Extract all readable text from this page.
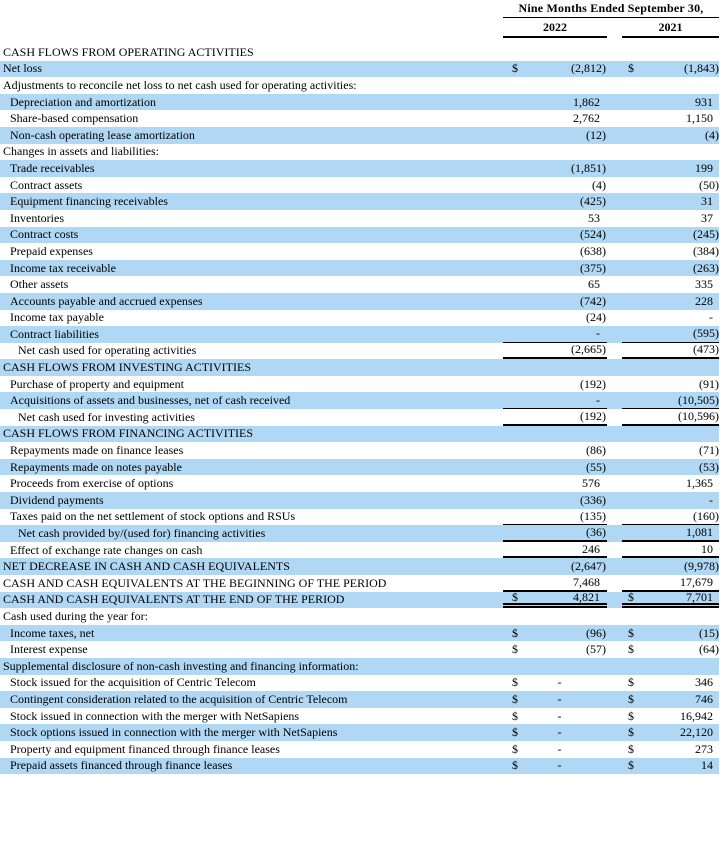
Nine Months Ended September 30,
2022	2021
CASH FLOWS FROM OPERATING ACTIVITIES
Net loss	$	(2,812)	$	(1,843)
Adjustments to reconcile net loss to net cash used for operating activities:
Depreciation and amortization	1,862	931
Share-based compensation	2,762	1,150
Non-cash operating lease amortization	(12)	(4)
Changes in assets and liabilities:
Trade receivables	(1,851)	199
Contract assets	(4)	(50)
Equipment financing receivables	(425)	31
Inventories	53	37
Contract costs	(524)	(245)
Prepaid expenses	(638)	(384)
Income tax receivable	(375)	(263)
Other assets	65	335
Accounts payable and accrued expenses	(742)	228
Income tax payable	(24)	-
Contract liabilities	-	(595)
Net cash used for operating activities	(2,665)	(473)
CASH FLOWS FROM INVESTING ACTIVITIES
Purchase of property and equipment	(192)	(91)
Acquisitions of assets and businesses, net of cash received	-	(10,505)
Net cash used for investing activities	(192)	(10,596)
CASH FLOWS FROM FINANCING ACTIVITIES
Repayments made on finance leases	(86)	(71)
Repayments made on notes payable	(55)	(53)
Proceeds from exercise of options	576	1,365
Dividend payments	(336)	-
Taxes paid on the net settlement of stock options and RSUs	(135)	(160)
Net cash provided by/(used for) financing activities	(36)	1,081
Effect of exchange rate changes on cash	246	10
NET DECREASE IN CASH AND CASH EQUIVALENTS	(2,647)	(9,978)
CASH AND CASH EQUIVALENTS AT THE BEGINNING OF THE PERIOD	7,468	17,679
CASH AND CASH EQUIVALENTS AT THE END OF THE PERIOD	$	4,821	$	7,701
Cash used during the year for:
Income taxes, net	$	(96)	$	(15)
Interest expense	$	(57)	$	(64)
Supplemental disclosure of non-cash investing and financing information:
Stock issued for the acquisition of Centric Telecom	$	-	$	346
Contingent consideration related to the acquisition of Centric Telecom	$	-	$	746
Stock issued in connection with the merger with NetSapiens	$	-	$	16,942
Stock options issued in connection with the merger with NetSapiens	$	-	$	22,120
Property and equipment financed through finance leases	$	-	$	273
Prepaid assets financed through finance leases	$	-	$	14
